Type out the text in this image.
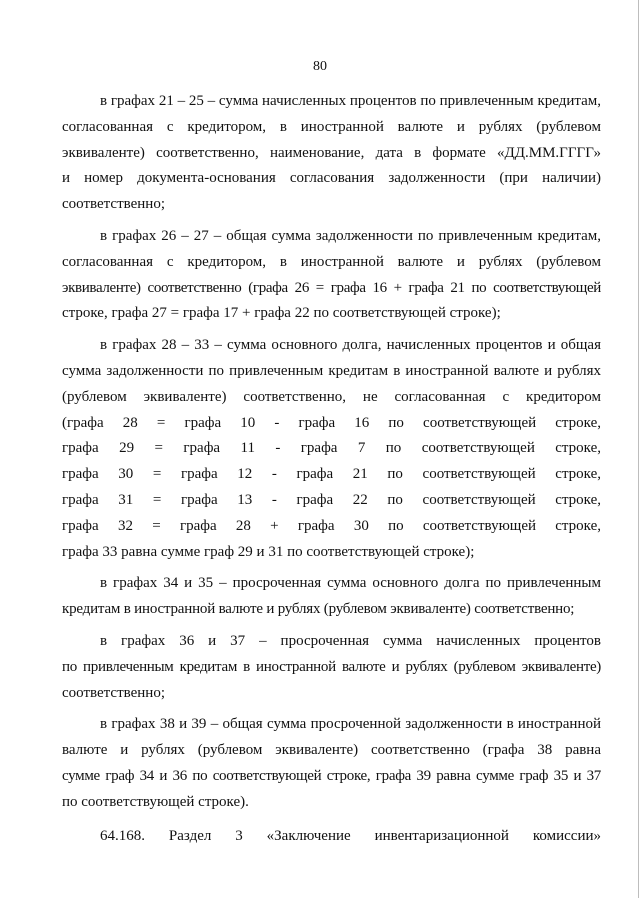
80

в графах 21 – 25 – сумма начисленных процентов по привлеченным кредитам,
согласованная с кредитором, в иностранной валюте и рублях (рублевом
эквиваленте) соответственно, наименование, дата в формате «ДД.ММ.ГГГГ»
и номер документа-основания согласования задолженности (при наличии)
соответственно;

в графах 26 – 27 – общая сумма задолженности по привлеченным кредитам,
согласованная с кредитором, в иностранной валюте и рублях (рублевом
эквиваленте) соответственно (графа 26 = графа 16 + графа 21 по соответствующей
строке, графа 27 = графа 17 + графа 22 по соответствующей строке);

в графах 28 – 33 – сумма основного долга, начисленных процентов и общая
сумма задолженности по привлеченным кредитам в иностранной валюте и рублях
(рублевом эквиваленте) соответственно, не согласованная с кредитором
(графа 28 = графа 10 - графа 16 по соответствующей строке,
графа 29 = графа 11 - графа 7 по соответствующей строке,
графа 30 = графа 12 - графа 21 по соответствующей строке,
графа 31 = графа 13 - графа 22 по соответствующей строке,
графа 32 = графа 28 + графа 30 по соответствующей строке,
графа 33 равна сумме граф 29 и 31 по соответствующей строке);

в графах 34 и 35 – просроченная сумма основного долга по привлеченным
кредитам в иностранной валюте и рублях (рублевом эквиваленте) соответственно;

в графах 36 и 37 – просроченная сумма начисленных процентов
по привлеченным кредитам в иностранной валюте и рублях (рублевом эквиваленте)
соответственно;

в графах 38 и 39 – общая сумма просроченной задолженности в иностранной
валюте и рублях (рублевом эквиваленте) соответственно (графа 38 равна
сумме граф 34 и 36 по соответствующей строке, графа 39 равна сумме граф 35 и 37
по соответствующей строке).

64.168. Раздел 3 «Заключение инвентаризационной комиссии»
